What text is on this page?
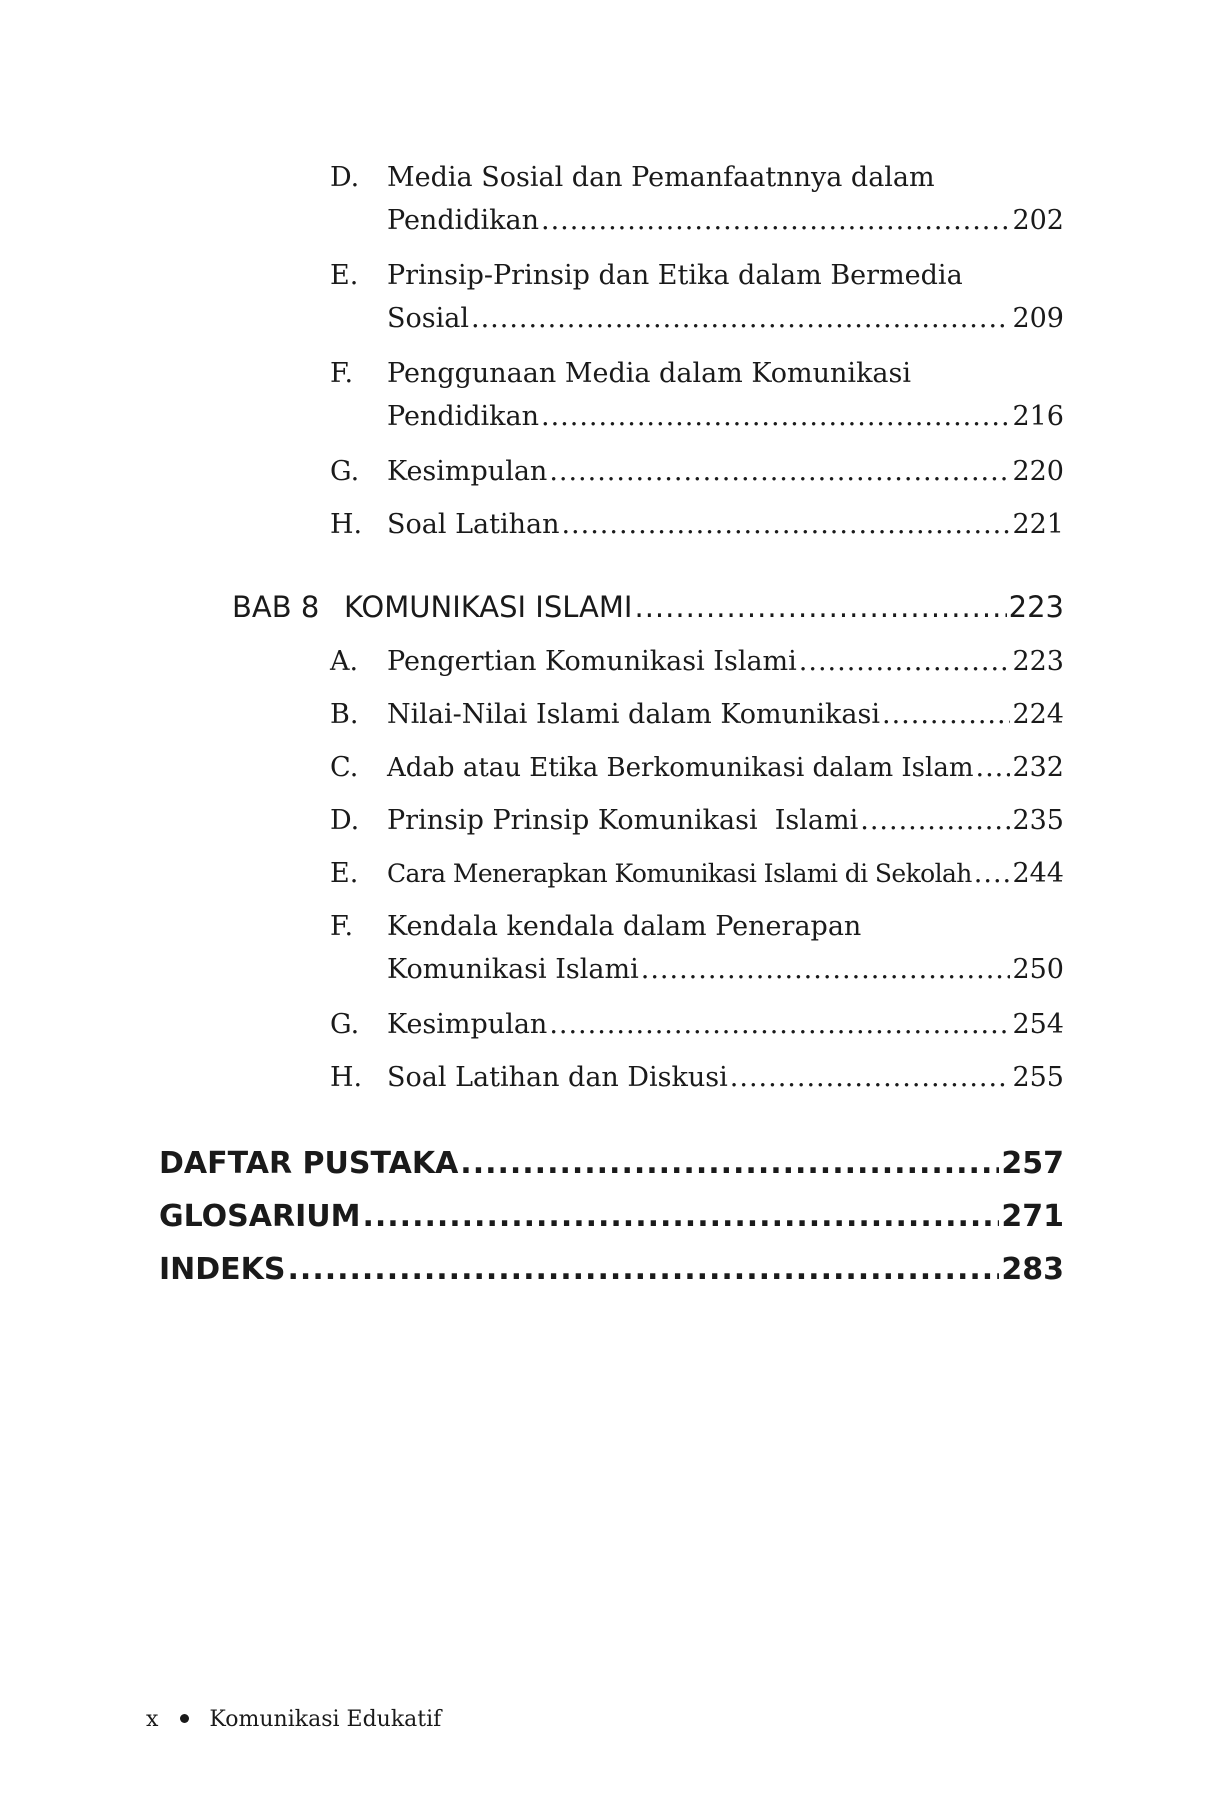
D. Media Sosial dan Pemanfaatnnya dalam
Pendidikan .....	202
E. Prinsip-Prinsip dan Etika dalam Bermedia
Sosial .....	209
F. Penggunaan Media dalam Komunikasi
Pendidikan .....	216
G. Kesimpulan .....	220
H. Soal Latihan .....	221
BAB 8 KOMUNIKASI ISLAMI .....	223
A. Pengertian Komunikasi Islami .....	223
B. Nilai-Nilai Islami dalam Komunikasi .....	224
C. Adab atau Etika Berkomunikasi dalam Islam ..... 232
D. Prinsip Prinsip Komunikasi  Islami .....	235
E. Cara Menerapkan Komunikasi Islami di Sekolah ..... 244
F. Kendala kendala dalam Penerapan
Komunikasi Islami .....	250
G. Kesimpulan .....	254
H. Soal Latihan dan Diskusi .....	255
DAFTAR PUSTAKA .....	257
GLOSARIUM .....	271
INDEKS .....	283
x Komunikasi Edukatif
